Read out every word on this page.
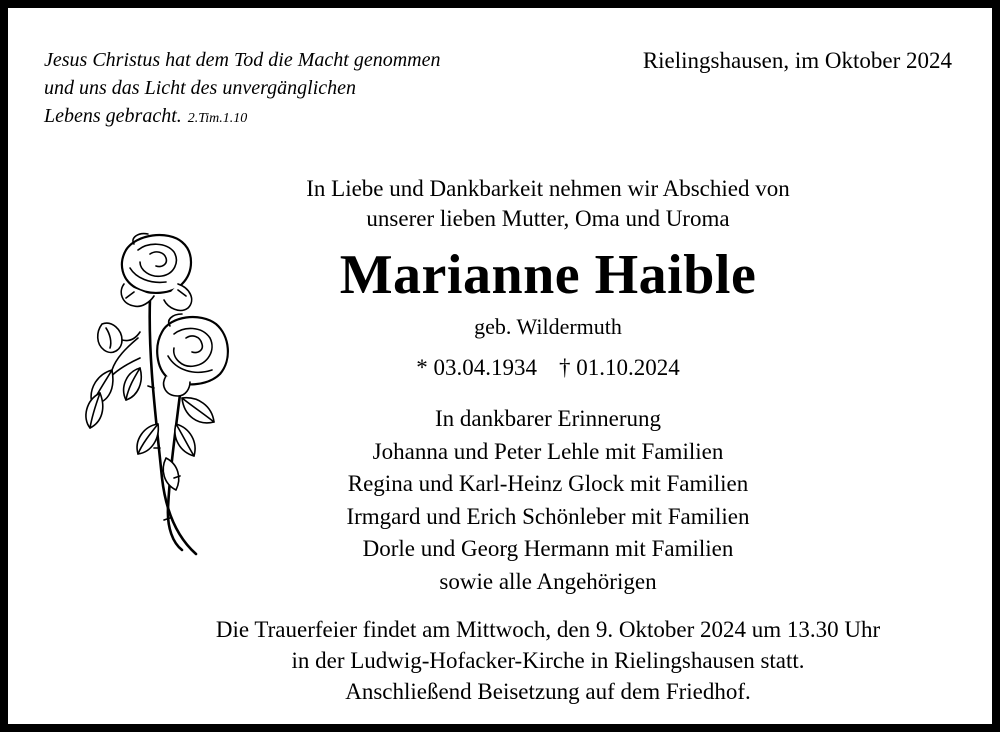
Jesus Christus hat dem Tod die Macht genommen
und uns das Licht des unvergänglichen
Lebens gebracht. 2.Tim.1.10
Rielingshausen, im Oktober 2024
In Liebe und Dankbarkeit nehmen wir Abschied von
unserer lieben Mutter, Oma und Uroma
Marianne Haible
geb. Wildermuth
* 03.04.1934 † 01.10.2024
In dankbarer Erinnerung
Johanna und Peter Lehle mit Familien
Regina und Karl-Heinz Glock mit Familien
Irmgard und Erich Schönleber mit Familien
Dorle und Georg Hermann mit Familien
sowie alle Angehörigen
Die Trauerfeier findet am Mittwoch, den 9. Oktober 2024 um 13.30 Uhr
in der Ludwig-Hofacker-Kirche in Rielingshausen statt.
Anschließend Beisetzung auf dem Friedhof.
